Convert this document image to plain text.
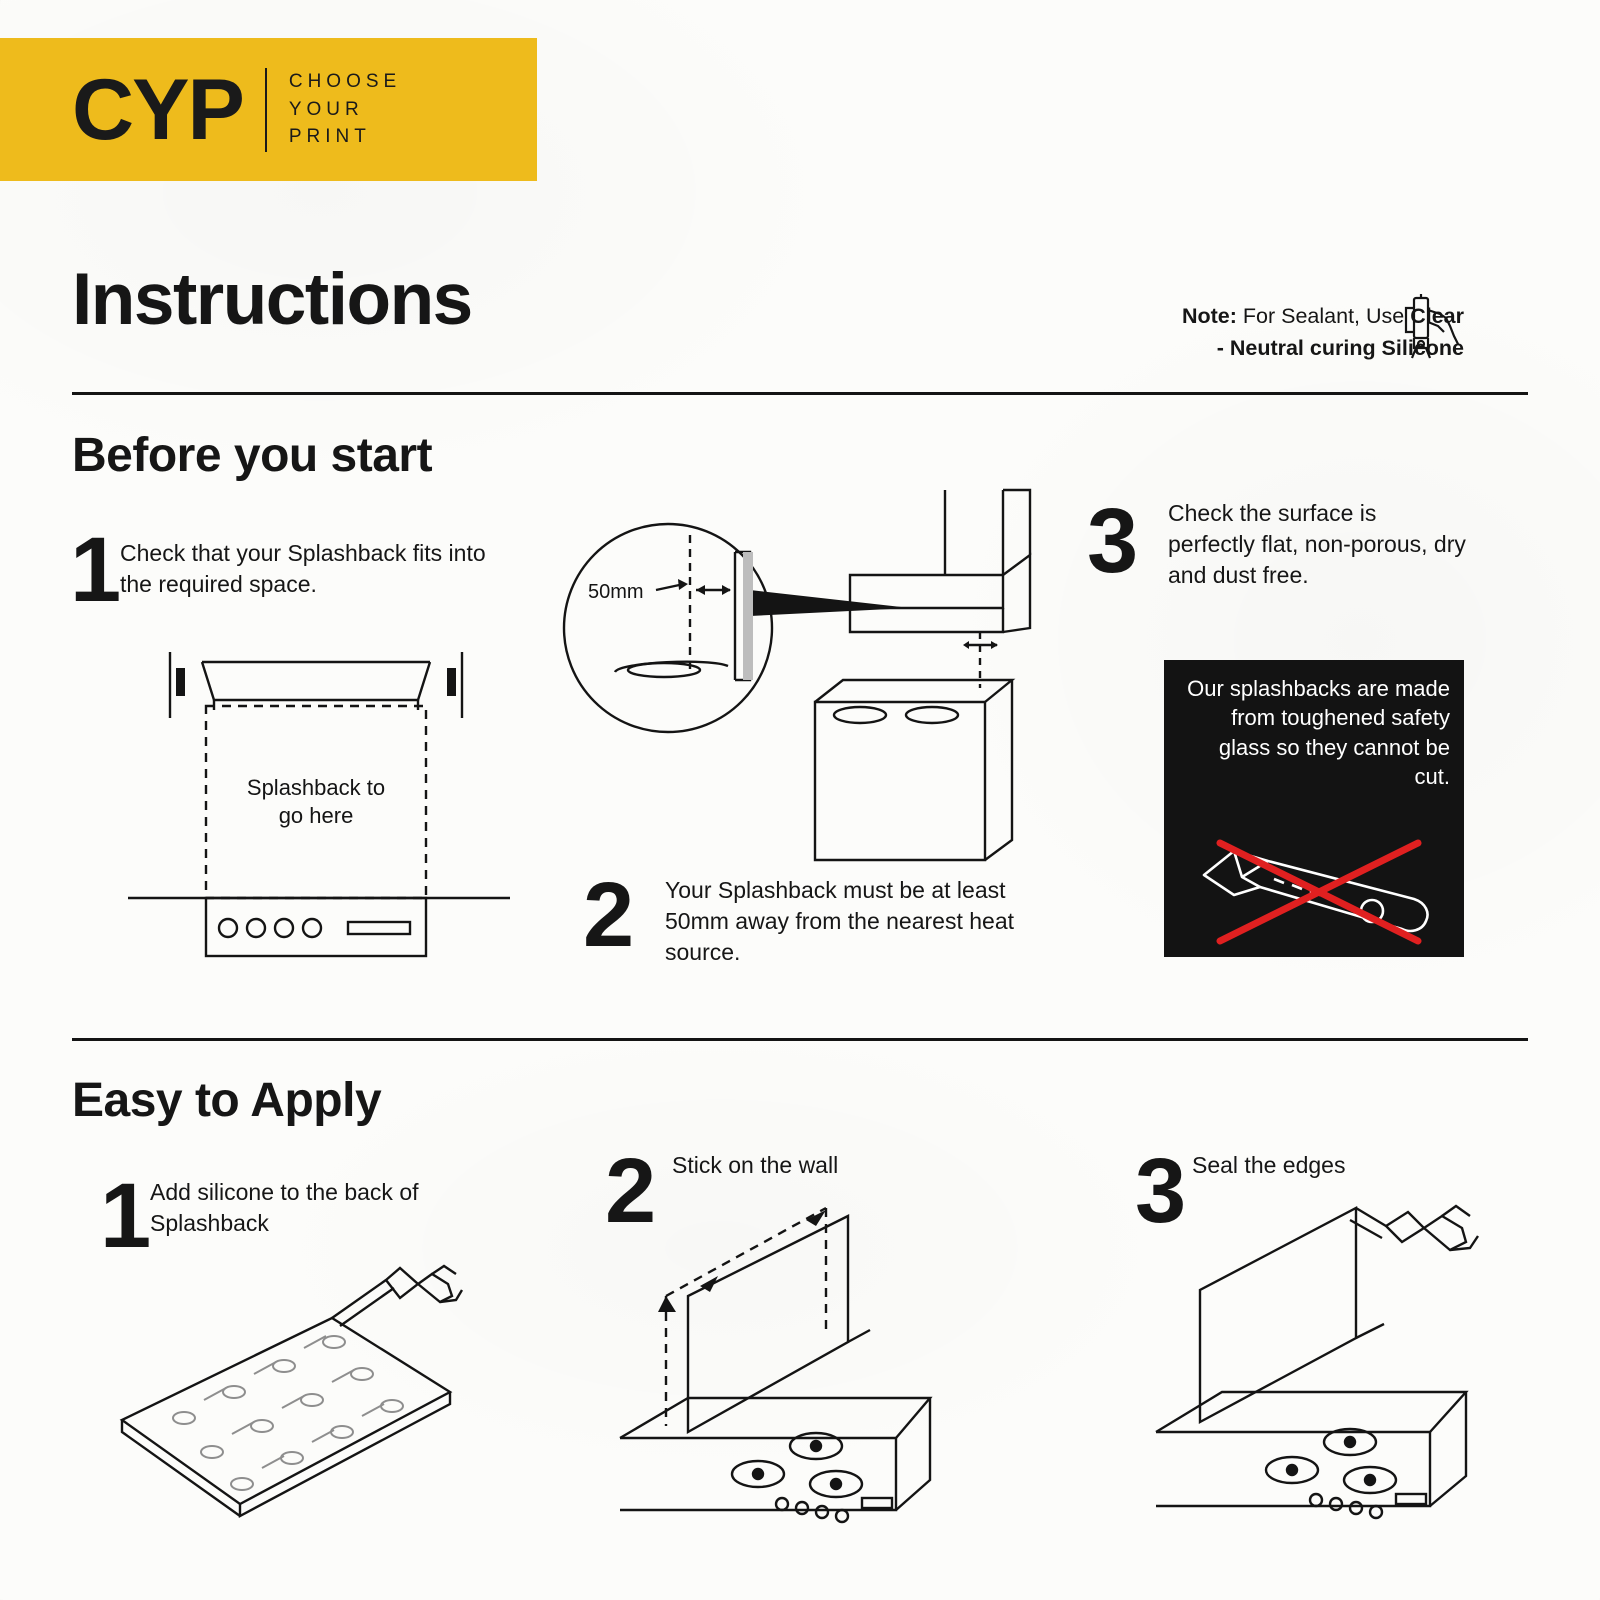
CYP CHOOSE
YOUR
PRINT
Instructions	Note: For Sealant, Use Clear
- Neutral curing Silicone
Before you start
1 Check that your Splashback fits into the required space.
Splashback to
go here
50mm
2 Your Splashback must be at least 50mm away from the nearest heat source.
3 Check the surface is perfectly flat, non-porous, dry and dust free.
Our splashbacks are made from toughened safety glass so they cannot be cut.
Easy to Apply
1 Add silicone to the back of Splashback	2 Stick on the wall	3 Seal the edges
